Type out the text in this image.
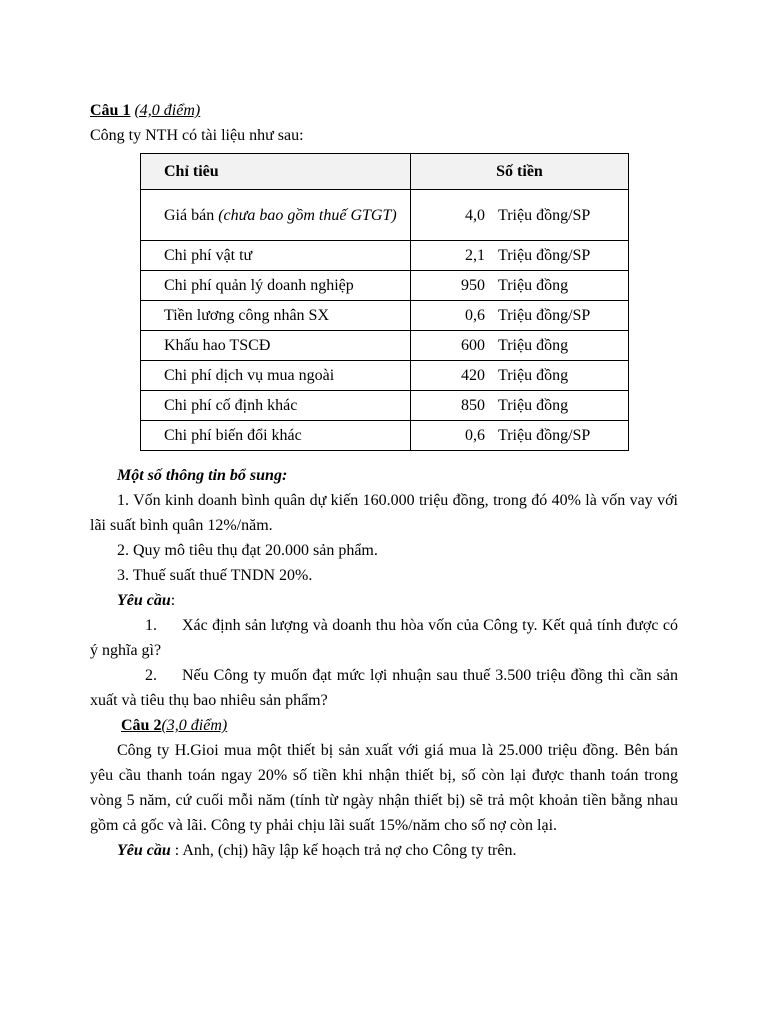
Câu 1 (4,0 điểm)
Công ty NTH có tài liệu như sau:
Chỉ tiêu	Số tiền
Giá bán (chưa bao gồm thuế GTGT)	4,0 Triệu đồng/SP

Chi phí vật tư	2,1 Triệu đồng/SP

Chi phí quản lý doanh nghiệp	950 Triệu đồng

Tiền lương công nhân SX	0,6 Triệu đồng/SP

Khấu hao TSCĐ	600 Triệu đồng

Chi phí dịch vụ mua ngoài	420 Triệu đồng

Chi phí cố định khác	850 Triệu đồng

Chi phí biến đổi khác	0,6 Triệu đồng/SP
Một số thông tin bổ sung:
1. Vốn kinh doanh bình quân dự kiến 160.000 triệu đồng, trong đó 40% là vốn vay với lãi suất bình quân 12%/năm.
2. Quy mô tiêu thụ đạt 20.000 sản phẩm.
3. Thuế suất thuế TNDN 20%.
Yêu cầu:
1. Xác định sản lượng và doanh thu hòa vốn của Công ty. Kết quả tính được có ý nghĩa gì?
2. Nếu Công ty muốn đạt mức lợi nhuận sau thuế 3.500 triệu đồng thì cần sản xuất và tiêu thụ bao nhiêu sản phẩm?
Câu 2(3,0 điểm)
Công ty H.Gioi mua một thiết bị sản xuất với giá mua là 25.000 triệu đồng. Bên bán yêu cầu thanh toán ngay 20% số tiền khi nhận thiết bị, số còn lại được thanh toán trong vòng 5 năm, cứ cuối mỗi năm (tính từ ngày nhận thiết bị) sẽ trả một khoản tiền bằng nhau gồm cả gốc và lãi. Công ty phải chịu lãi suất 15%/năm cho số nợ còn lại.
Yêu cầu : Anh, (chị) hãy lập kế hoạch trả nợ cho Công ty trên.
